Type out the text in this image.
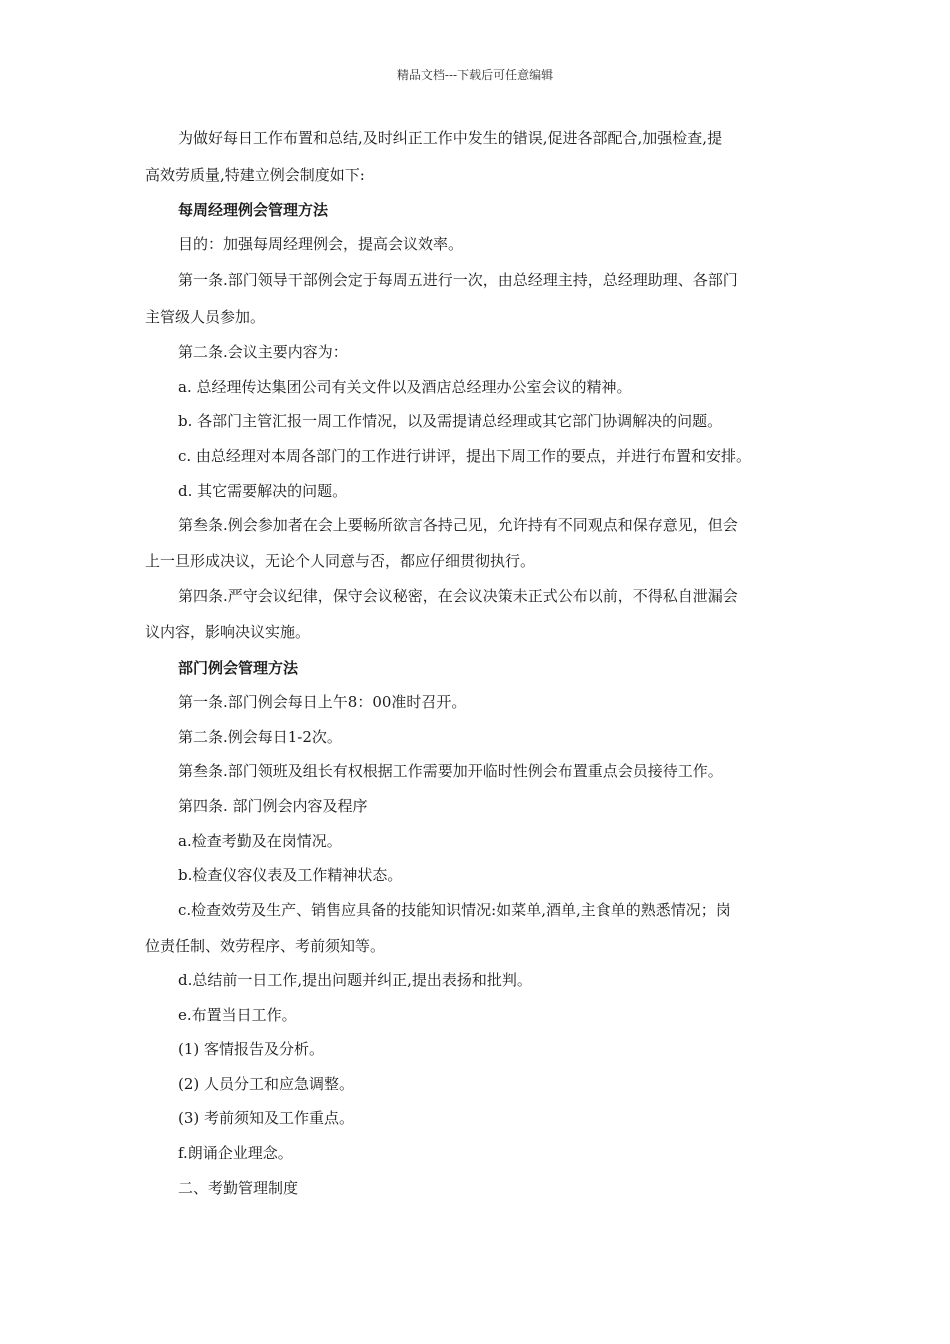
精品文档---下载后可任意编辑
为做好每日工作布置和总结,及时纠正工作中发生的错误,促进各部配合,加强检查,提
高效劳质量,特建立例会制度如下:
每周经理例会管理方法
目的：加强每周经理例会，提高会议效率。
第一条.部门领导干部例会定于每周五进行一次，由总经理主持，总经理助理、各部门
主管级人员参加。
第二条.会议主要内容为：
a. 总经理传达集团公司有关文件以及酒店总经理办公室会议的精神。
b. 各部门主管汇报一周工作情况，以及需提请总经理或其它部门协调解决的问题。
c. 由总经理对本周各部门的工作进行讲评，提出下周工作的要点，并进行布置和安排。
d. 其它需要解决的问题。
第叁条.例会参加者在会上要畅所欲言各持己见，允许持有不同观点和保存意见，但会
上一旦形成决议，无论个人同意与否，都应仔细贯彻执行。
第四条.严守会议纪律，保守会议秘密，在会议决策未正式公布以前，不得私自泄漏会
议内容，影响决议实施。
部门例会管理方法
第一条.部门例会每日上午8：00准时召开。
第二条.例会每日1-2次。
第叁条.部门领班及组长有权根据工作需要加开临时性例会布置重点会员接待工作。
第四条. 部门例会内容及程序
a.检查考勤及在岗情况。
b.检查仪容仪表及工作精神状态。
c.检查效劳及生产、销售应具备的技能知识情况:如菜单,酒单,主食单的熟悉情况；岗
位责任制、效劳程序、考前须知等。
d.总结前一日工作,提出问题并纠正,提出表扬和批判。
e.布置当日工作。
(1) 客情报告及分析。
(2) 人员分工和应急调整。
(3) 考前须知及工作重点。
f.朗诵企业理念。
二、考勤管理制度
